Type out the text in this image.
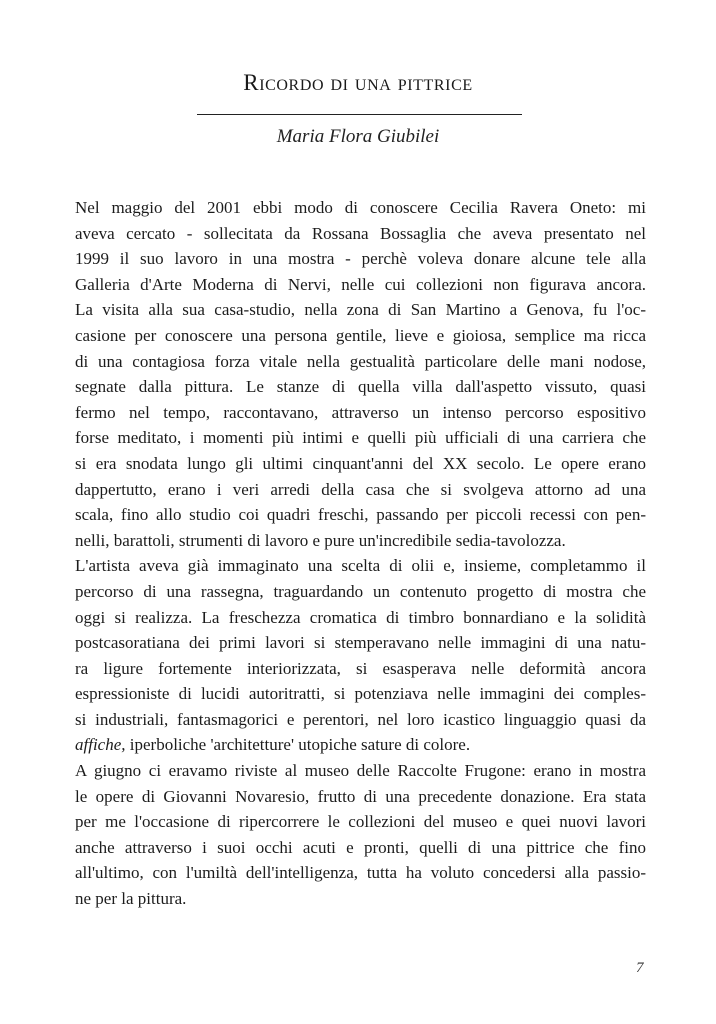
Ricordo di una pittrice
Maria Flora Giubilei
Nel maggio del 2001 ebbi modo di conoscere Cecilia Ravera Oneto: mi
aveva cercato - sollecitata da Rossana Bossaglia che aveva presentato nel
1999 il suo lavoro in una mostra - perchè voleva donare alcune tele alla
Galleria d'Arte Moderna di Nervi, nelle cui collezioni non figurava ancora.
La visita alla sua casa-studio, nella zona di San Martino a Genova, fu l'oc-
casione per conoscere una persona gentile, lieve e gioiosa, semplice ma ricca
di una contagiosa forza vitale nella gestualità particolare delle mani nodose,
segnate dalla pittura. Le stanze di quella villa dall'aspetto vissuto, quasi
fermo nel tempo, raccontavano, attraverso un intenso percorso espositivo
forse meditato, i momenti più intimi e quelli più ufficiali di una carriera che
si era snodata lungo gli ultimi cinquant'anni del XX secolo. Le opere erano
dappertutto, erano i veri arredi della casa che si svolgeva attorno ad una
scala, fino allo studio coi quadri freschi, passando per piccoli recessi con pen-
nelli, barattoli, strumenti di lavoro e pure un'incredibile sedia-tavolozza.
L'artista aveva già immaginato una scelta di olii e, insieme, completammo il
percorso di una rassegna, traguardando un contenuto progetto di mostra che
oggi si realizza. La freschezza cromatica di timbro bonnardiano e la solidità
postcasoratiana dei primi lavori si stemperavano nelle immagini di una natu-
ra ligure fortemente interiorizzata, si esasperava nelle deformità ancora
espressioniste di lucidi autoritratti, si potenziava nelle immagini dei comples-
si industriali, fantasmagorici e perentori, nel loro icastico linguaggio quasi da
affiche, iperboliche 'architetture' utopiche sature di colore.
A giugno ci eravamo riviste al museo delle Raccolte Frugone: erano in mostra
le opere di Giovanni Novaresio, frutto di una precedente donazione. Era stata
per me l'occasione di ripercorrere le collezioni del museo e quei nuovi lavori
anche attraverso i suoi occhi acuti e pronti, quelli di una pittrice che fino
all'ultimo, con l'umiltà dell'intelligenza, tutta ha voluto concedersi alla passio-
ne per la pittura.
7
